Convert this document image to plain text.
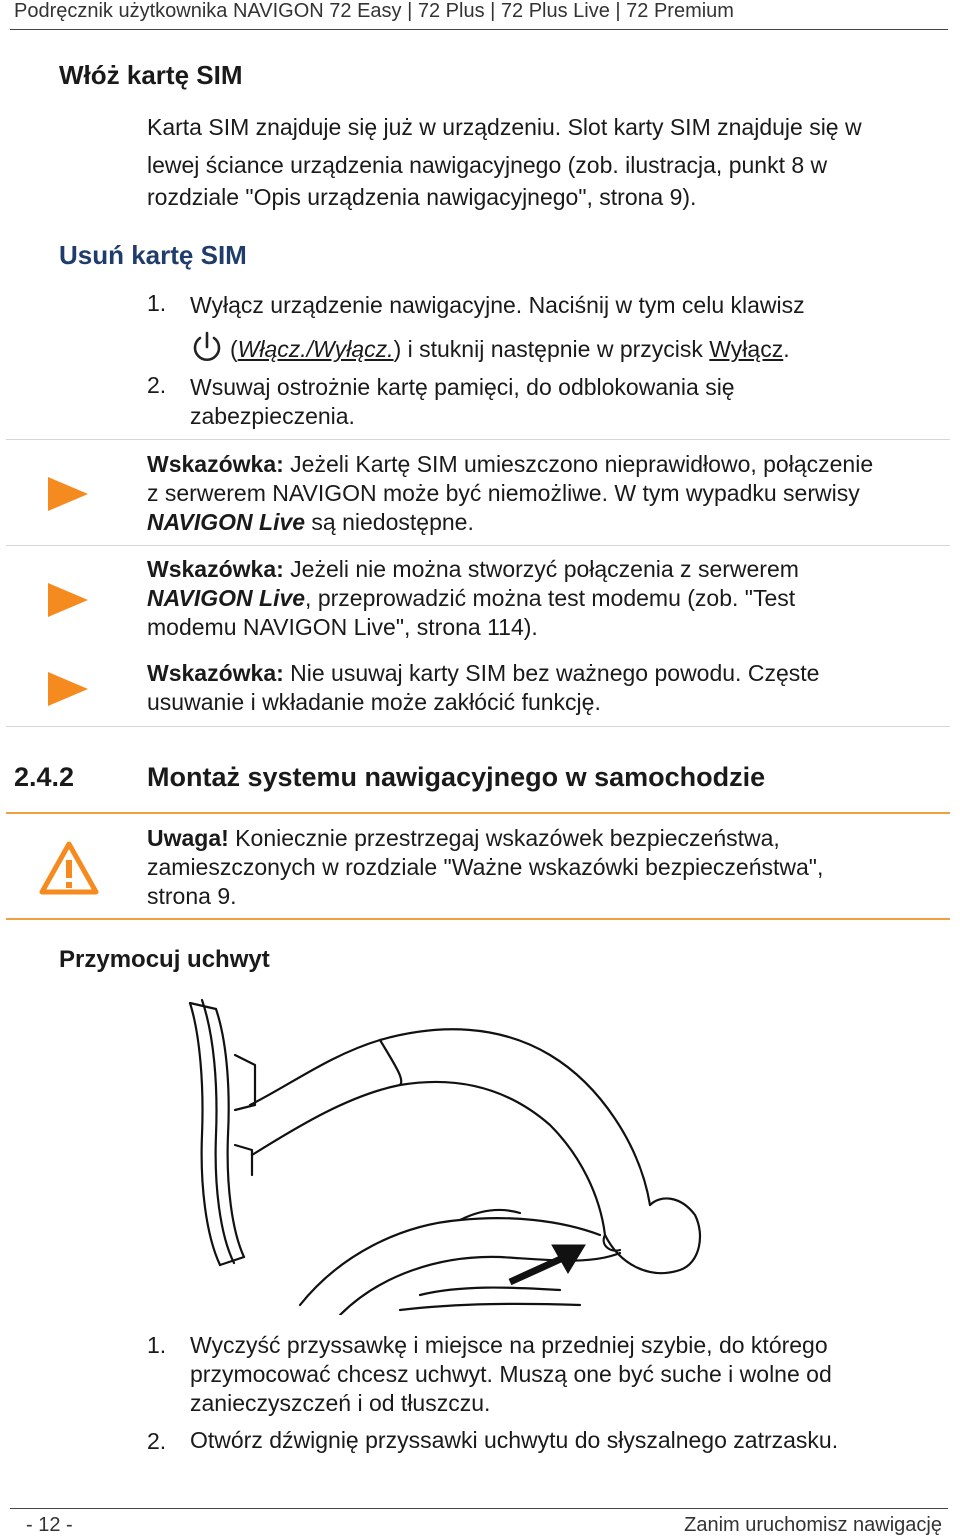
Podręcznik użytkownika NAVIGON 72 Easy | 72 Plus | 72 Plus Live | 72 Premium
Włóż kartę SIM
Karta SIM znajduje się już w urządzeniu. Slot karty SIM znajduje się w
lewej ściance urządzenia nawigacyjnego (zob. ilustracja, punkt 8 w
rozdziale "Opis urządzenia nawigacyjnego", strona 9).
Usuń kartę SIM
1. Wyłącz urządzenie nawigacyjne. Naciśnij w tym celu klawisz
(Włącz./Wyłącz.) i stuknij następnie w przycisk Wyłącz.
2. Wsuwaj ostrożnie kartę pamięci, do odblokowania się
zabezpieczenia.
Wskazówka: Jeżeli Kartę SIM umieszczono nieprawidłowo, połączenie
z serwerem NAVIGON może być niemożliwe. W tym wypadku serwisy
NAVIGON Live są niedostępne.
Wskazówka: Jeżeli nie można stworzyć połączenia z serwerem
NAVIGON Live, przeprowadzić można test modemu (zob. "Test
modemu NAVIGON Live", strona 114).
Wskazówka: Nie usuwaj karty SIM bez ważnego powodu. Częste
usuwanie i wkładanie może zakłócić funkcję.
2.4.2	Montaż systemu nawigacyjnego w samochodzie
Uwaga! Koniecznie przestrzegaj wskazówek bezpieczeństwa,
zamieszczonych w rozdziale "Ważne wskazówki bezpieczeństwa",
strona 9.
Przymocuj uchwyt
1. Wyczyść przyssawkę i miejsce na przedniej szybie, do którego
przymocować chcesz uchwyt. Muszą one być suche i wolne od
zanieczyszczeń i od tłuszczu.
2. Otwórz dźwignię przyssawki uchwytu do słyszalnego zatrzasku.
- 12 -	Zanim uruchomisz nawigację
